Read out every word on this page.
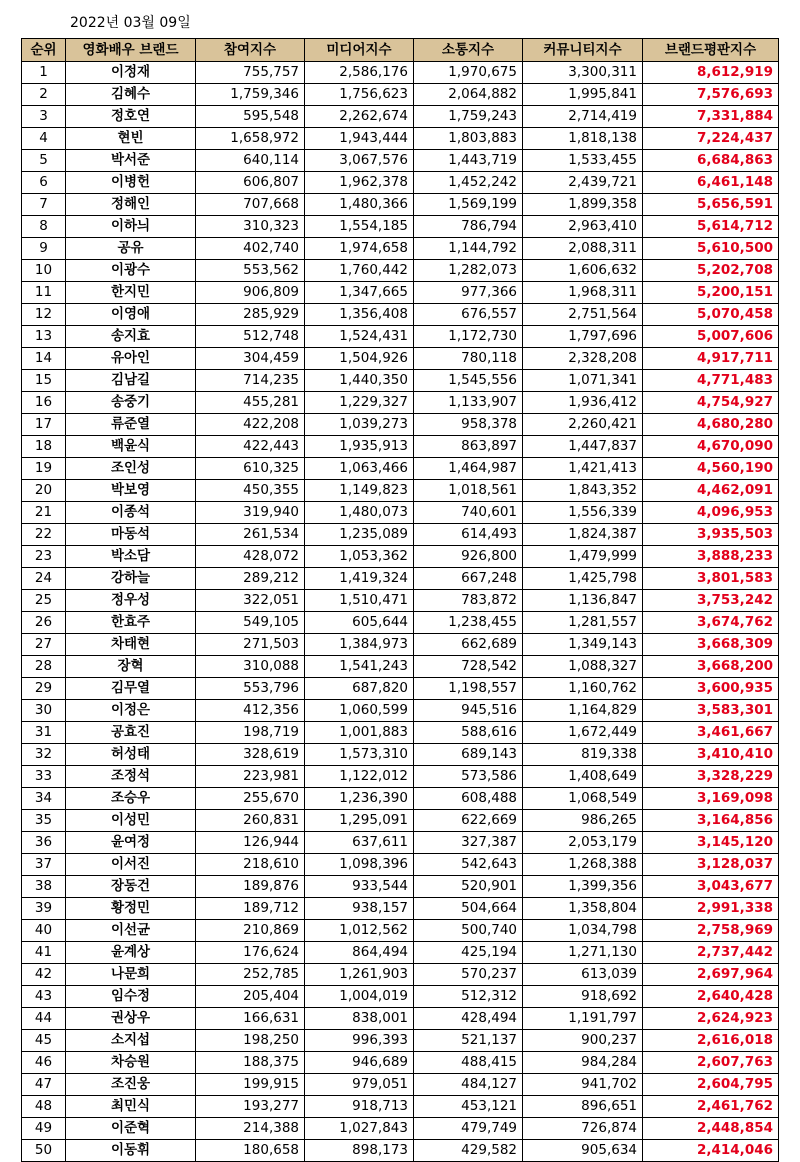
2022년 03월 09일
순위	영화배우 브랜드	참여지수	미디어지수	소통지수	커뮤니티지수	브랜드평판지수
1	이정재	755,757	2,586,176	1,970,675	3,300,311	8,612,919
2	김혜수	1,759,346	1,756,623	2,064,882	1,995,841	7,576,693
3	정호연	595,548	2,262,674	1,759,243	2,714,419	7,331,884
4	현빈	1,658,972	1,943,444	1,803,883	1,818,138	7,224,437
5	박서준	640,114	3,067,576	1,443,719	1,533,455	6,684,863
6	이병헌	606,807	1,962,378	1,452,242	2,439,721	6,461,148
7	정해인	707,668	1,480,366	1,569,199	1,899,358	5,656,591
8	이하늬	310,323	1,554,185	786,794	2,963,410	5,614,712
9	공유	402,740	1,974,658	1,144,792	2,088,311	5,610,500
10	이광수	553,562	1,760,442	1,282,073	1,606,632	5,202,708
11	한지민	906,809	1,347,665	977,366	1,968,311	5,200,151
12	이영애	285,929	1,356,408	676,557	2,751,564	5,070,458
13	송지효	512,748	1,524,431	1,172,730	1,797,696	5,007,606
14	유아인	304,459	1,504,926	780,118	2,328,208	4,917,711
15	김남길	714,235	1,440,350	1,545,556	1,071,341	4,771,483
16	송중기	455,281	1,229,327	1,133,907	1,936,412	4,754,927
17	류준열	422,208	1,039,273	958,378	2,260,421	4,680,280
18	백윤식	422,443	1,935,913	863,897	1,447,837	4,670,090
19	조인성	610,325	1,063,466	1,464,987	1,421,413	4,560,190
20	박보영	450,355	1,149,823	1,018,561	1,843,352	4,462,091
21	이종석	319,940	1,480,073	740,601	1,556,339	4,096,953
22	마동석	261,534	1,235,089	614,493	1,824,387	3,935,503
23	박소담	428,072	1,053,362	926,800	1,479,999	3,888,233
24	강하늘	289,212	1,419,324	667,248	1,425,798	3,801,583
25	정우성	322,051	1,510,471	783,872	1,136,847	3,753,242
26	한효주	549,105	605,644	1,238,455	1,281,557	3,674,762
27	차태현	271,503	1,384,973	662,689	1,349,143	3,668,309
28	장혁	310,088	1,541,243	728,542	1,088,327	3,668,200
29	김무열	553,796	687,820	1,198,557	1,160,762	3,600,935
30	이정은	412,356	1,060,599	945,516	1,164,829	3,583,301
31	공효진	198,719	1,001,883	588,616	1,672,449	3,461,667
32	허성태	328,619	1,573,310	689,143	819,338	3,410,410
33	조정석	223,981	1,122,012	573,586	1,408,649	3,328,229
34	조승우	255,670	1,236,390	608,488	1,068,549	3,169,098
35	이성민	260,831	1,295,091	622,669	986,265	3,164,856
36	윤여정	126,944	637,611	327,387	2,053,179	3,145,120
37	이서진	218,610	1,098,396	542,643	1,268,388	3,128,037
38	장동건	189,876	933,544	520,901	1,399,356	3,043,677
39	황정민	189,712	938,157	504,664	1,358,804	2,991,338
40	이선균	210,869	1,012,562	500,740	1,034,798	2,758,969
41	윤계상	176,624	864,494	425,194	1,271,130	2,737,442
42	나문희	252,785	1,261,903	570,237	613,039	2,697,964
43	임수정	205,404	1,004,019	512,312	918,692	2,640,428
44	권상우	166,631	838,001	428,494	1,191,797	2,624,923
45	소지섭	198,250	996,393	521,137	900,237	2,616,018
46	차승원	188,375	946,689	488,415	984,284	2,607,763
47	조진웅	199,915	979,051	484,127	941,702	2,604,795
48	최민식	193,277	918,713	453,121	896,651	2,461,762
49	이준혁	214,388	1,027,843	479,749	726,874	2,448,854
50	이동휘	180,658	898,173	429,582	905,634	2,414,046
